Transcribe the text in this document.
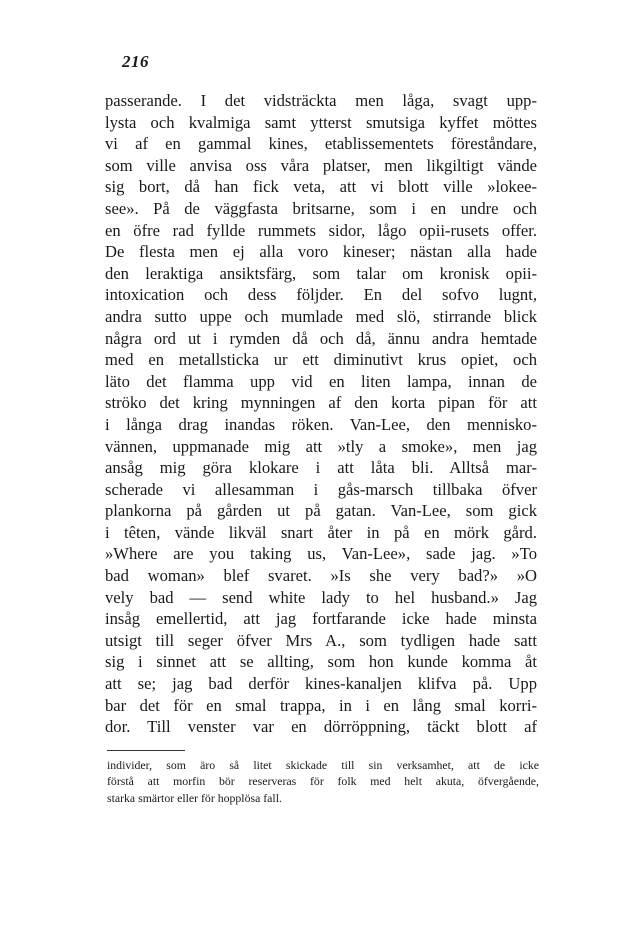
216
passerande. I det vidsträckta men låga, svagt upp-
lysta och kvalmiga samt ytterst smutsiga kyffet möttes
vi af en gammal kines, etablissementets föreståndare,
som ville anvisa oss våra platser, men likgiltigt vände
sig bort, då han fick veta, att vi blott ville »lokee-
see». På de väggfasta britsarne, som i en undre och
en öfre rad fyllde rummets sidor, lågo opii-rusets offer.
De flesta men ej alla voro kineser; nästan alla hade
den leraktiga ansiktsfärg, som talar om kronisk opii-
intoxication och dess följder. En del sofvo lugnt,
andra sutto uppe och mumlade med slö, stirrande blick
några ord ut i rymden då och då, ännu andra hemtade
med en metallsticka ur ett diminutivt krus opiet, och
läto det flamma upp vid en liten lampa, innan de
ströko det kring mynningen af den korta pipan för att
i långa drag inandas röken. Van-Lee, den mennisko-
vännen, uppmanade mig att »tly a smoke», men jag
ansåg mig göra klokare i att låta bli. Alltså mar-
scherade vi allesamman i gås-marsch tillbaka öfver
plankorna på gården ut på gatan. Van-Lee, som gick
i têten, vände likväl snart åter in på en mörk gård.
»Where are you taking us, Van-Lee», sade jag. »To
bad woman» blef svaret. »Is she very bad?» »O
vely bad — send white lady to hel husband.» Jag
insåg emellertid, att jag fortfarande icke hade minsta
utsigt till seger öfver Mrs A., som tydligen hade satt
sig i sinnet att se allting, som hon kunde komma åt
att se; jag bad derför kines-kanaljen klifva på. Upp
bar det för en smal trappa, in i en lång smal korri-
dor. Till venster var en dörröppning, täckt blott af
individer, som äro så litet skickade till sin verksamhet, att de icke
förstå att morfin bör reserveras för folk med helt akuta, öfvergående,
starka smärtor eller för hopplösa fall.
